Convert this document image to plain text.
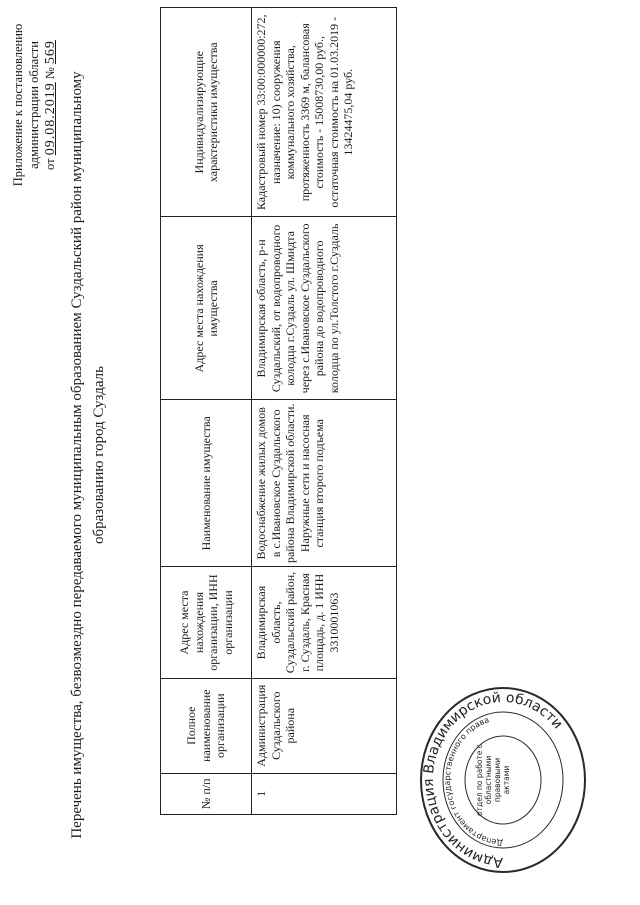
Приложение к постановлению администрации области от 09.08.2019 № 569
Перечень имущества, безвозмездно передаваемого муниципальным образованием Суздальский район муниципальному образованию город Суздаль
№ п/п	Полное наименование организации	Адрес места нахождения организации, ИНН организации	Наименование имущества	Адрес места нахождения имущества	Индивидуализирующие характеристики имущества
1	Администрация Суздальского района	Владимирская область, Суздальский район, г. Суздаль, Красная площадь, д. 1 ИНН 3310001063	Водоснабжение жилых домов в с.Ивановское Суздальского района Владимирской области. Наружные сети и насосная станция второго подъема	Владимирская область, р-н Суздальский, от водопроводного колодца г.Суздаль ул. Шмидта через с.Ивановское Суздальского района до водопроводного колодца по ул.Толстого г.Суздаль	Кадастровый номер 33:00:000000:272, назначение: 10) сооружения коммунального хозяйства, протяженность 3369 м, балансовая стоимость - 15008730,00 руб., остаточная стоимость на 01.03.2019 - 13424475,04 руб.
Администрация Владимирской области
Департамент государственного права
отдел по работе с областными правовыми актами
